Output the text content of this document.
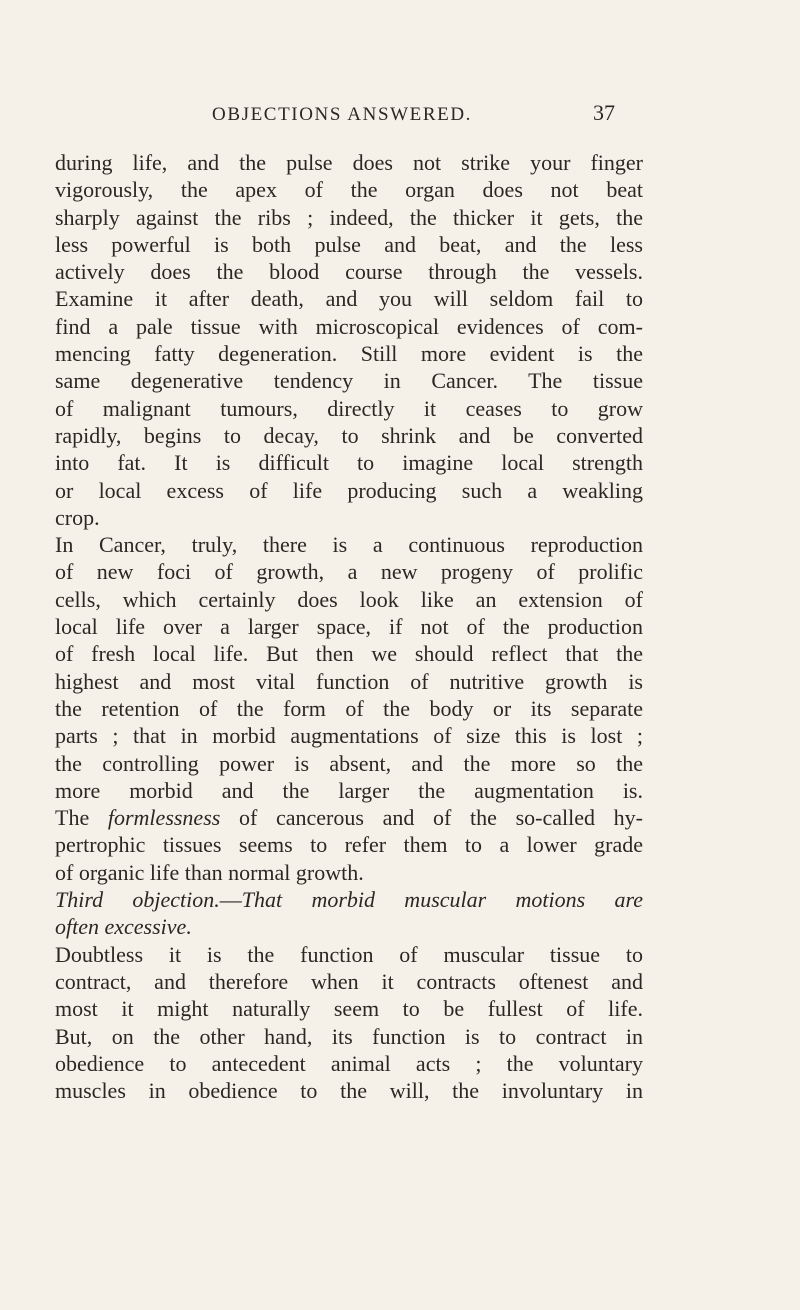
OBJECTIONS ANSWERED.	37

during life, and the pulse does not strike your finger
vigorously, the apex of the organ does not beat
sharply against the ribs ; indeed, the thicker it gets, the
less powerful is both pulse and beat, and the less
actively does the blood course through the vessels.
Examine it after death, and you will seldom fail to
find a pale tissue with microscopical evidences of com-
mencing fatty degeneration. Still more evident is the
same degenerative tendency in Cancer. The tissue
of malignant tumours, directly it ceases to grow
rapidly, begins to decay, to shrink and be converted
into fat. It is difficult to imagine local strength
or local excess of life producing such a weakling
crop.

In Cancer, truly, there is a continuous reproduction
of new foci of growth, a new progeny of prolific
cells, which certainly does look like an extension of
local life over a larger space, if not of the production
of fresh local life. But then we should reflect that the
highest and most vital function of nutritive growth is
the retention of the form of the body or its separate
parts ; that in morbid augmentations of size this is lost ;
the controlling power is absent, and the more so the
more morbid and the larger the augmentation is.

The formlessness of cancerous and of the so-called hy-
pertrophic tissues seems to refer them to a lower grade
of organic life than normal growth.

Third objection.—That morbid muscular motions are
often excessive.

Doubtless it is the function of muscular tissue to
contract, and therefore when it contracts oftenest and
most it might naturally seem to be fullest of life.
But, on the other hand, its function is to contract in
obedience to antecedent animal acts ; the voluntary
muscles in obedience to the will, the involuntary in
